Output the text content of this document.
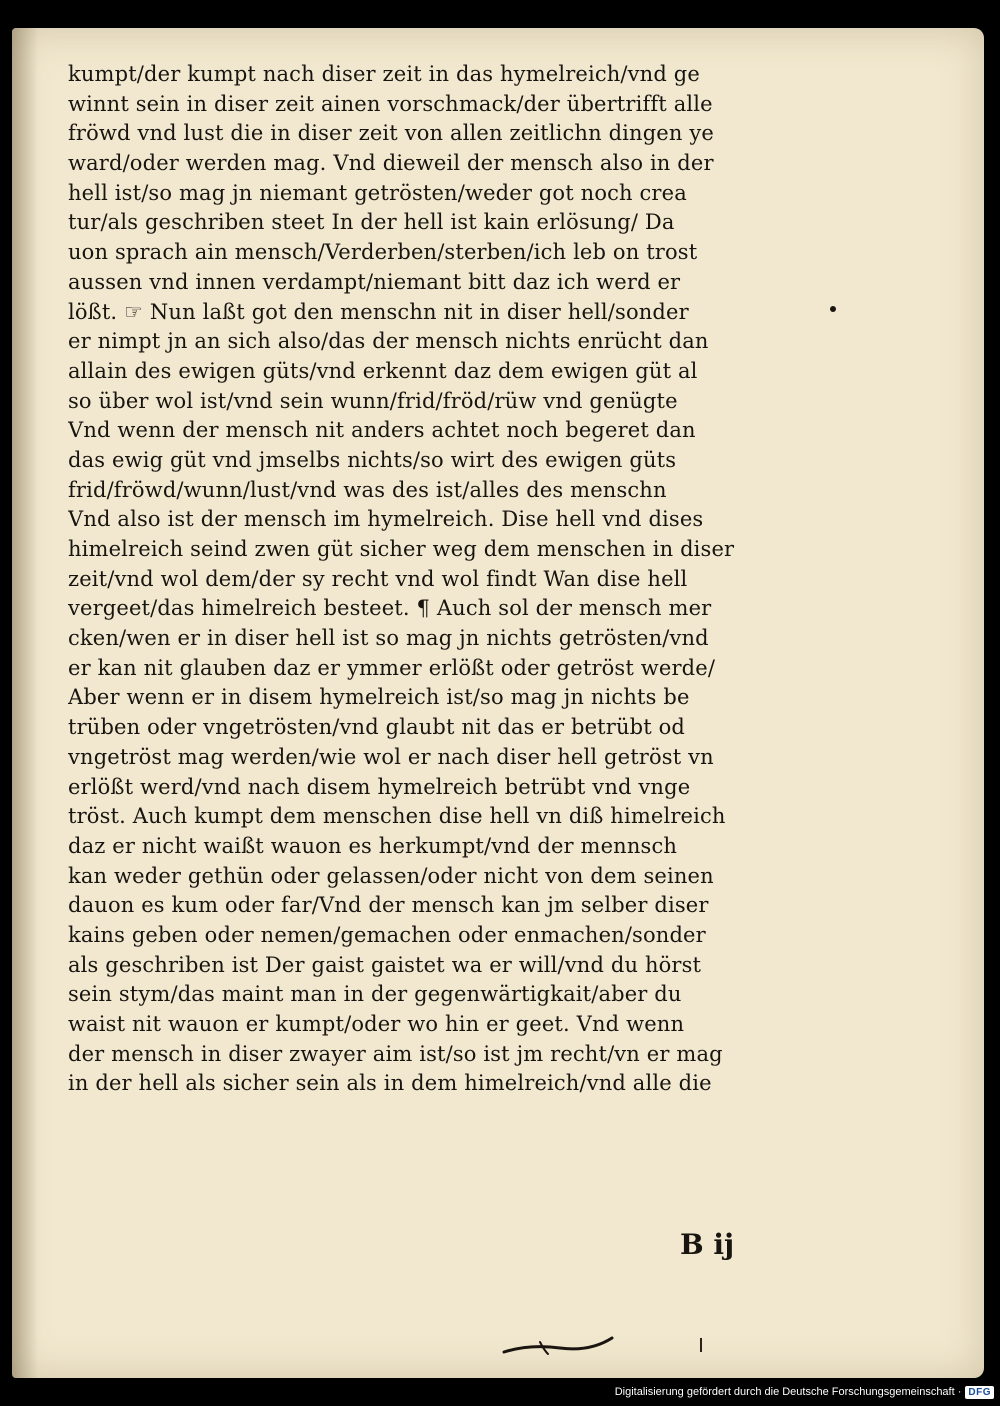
kumpt/der kumpt nach diser zeit in das hymelreich/vnd ge
winnt sein in diser zeit ainen vorschmack/der übertrifft alle
fröwd vnd lust die in diser zeit von allen zeitlichn dingen ye
ward/oder werden mag. Vnd dieweil der mensch also in der
hell ist/so mag jn niemant getrösten/weder got noch crea
tur/als geschriben steet In der hell ist kain erlösung/ Da
uon sprach ain mensch/Verderben/sterben/ich leb on trost
aussen vnd innen verdampt/niemant bitt daz ich werd er
lößt. ☞ Nun laßt got den menschn nit in diser hell/sonder
er nimpt jn an sich also/das der mensch nichts enrücht dan
allain des ewigen güts/vnd erkennt daz dem ewigen güt al
so über wol ist/vnd sein wunn/frid/fröd/rüw vnd genügte
Vnd wenn der mensch nit anders achtet noch begeret dan
das ewig güt vnd jmselbs nichts/so wirt des ewigen güts
frid/fröwd/wunn/lust/vnd was des ist/alles des menschn
Vnd also ist der mensch im hymelreich. Dise hell vnd dises
himelreich seind zwen güt sicher weg dem menschen in diser
zeit/vnd wol dem/der sy recht vnd wol findt Wan dise hell
vergeet/das himelreich besteet. ¶ Auch sol der mensch mer
cken/wen er in diser hell ist so mag jn nichts getrösten/vnd
er kan nit glauben daz er ymmer erlößt oder getröst werde/
Aber wenn er in disem hymelreich ist/so mag jn nichts be
trüben oder vngetrösten/vnd glaubt nit das er betrübt od
vngetröst mag werden/wie wol er nach diser hell getröst vn
erlößt werd/vnd nach disem hymelreich betrübt vnd vnge
tröst. Auch kumpt dem menschen dise hell vn diß himelreich
daz er nicht waißt wauon es herkumpt/vnd der mennsch
kan weder gethün oder gelassen/oder nicht von dem seinen
dauon es kum oder far/Vnd der mensch kan jm selber diser
kains geben oder nemen/gemachen oder enmachen/sonder
als geschriben ist Der gaist gaistet wa er will/vnd du hörst
sein stym/das maint man in der gegenwärtigkait/aber du
waist nit wauon er kumpt/oder wo hin er geet. Vnd wenn
der mensch in diser zwayer aim ist/so ist jm recht/vn er mag
in der hell als sicher sein als in dem himelreich/vnd alle die
B ij
Digitalisierung gefördert durch die Deutsche Forschungsgemeinschaft · DFG
